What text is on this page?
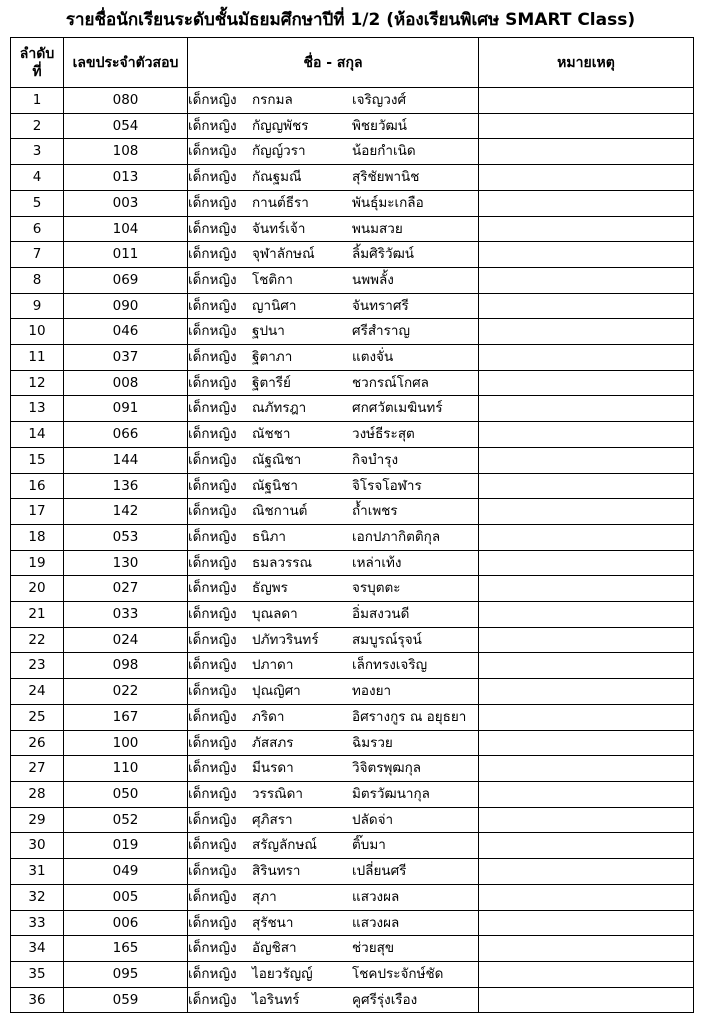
รายชื่อนักเรียนระดับชั้นมัธยมศึกษาปีที่ 1/2 (ห้องเรียนพิเศษ SMART Class)
ลำดับ
ที่	เลขประจำตัวสอบ	ชื่อ - สกุล	หมายเหตุ
1	080	เด็กหญิง กรกมล เจริญวงศ์	
2	054	เด็กหญิง กัญญพัชร พิชยวัฒน์	
3	108	เด็กหญิง กัญญ์วรา น้อยกำเนิด	
4	013	เด็กหญิง กัณฐมณี สุริชัยพานิช	
5	003	เด็กหญิง กานต์ธีรา พันธุ์มะเกลือ	
6	104	เด็กหญิง จันทร์เจ้า พนมสวย	
7	011	เด็กหญิง จุฬาลักษณ์ ลิ้มศิริวัฒน์	
8	069	เด็กหญิง โชติกา นพพลั้ง	
9	090	เด็กหญิง ญานิศา จันทราศรี	
10	046	เด็กหญิง ฐปนา ศรีสำราญ	
11	037	เด็กหญิง ฐิตาภา แตงจั่น	
12	008	เด็กหญิง ฐิตารีย์ ชวกรณ์โกศล	
13	091	เด็กหญิง ณภัทรฎา ศกศวัตเมฆินทร์	
14	066	เด็กหญิง ณัชชา วงษ์ธีระสุต	
15	144	เด็กหญิง ณัฐณิชา กิจบำรุง	
16	136	เด็กหญิง ณัฐนิชา จิโรจโอฬาร	
17	142	เด็กหญิง ณิชกานต์ ถ้ำเพชร	
18	053	เด็กหญิง ธนิภา เอกปภากิตติกุล	
19	130	เด็กหญิง ธมลวรรณ เหล่าเท้ง	
20	027	เด็กหญิง ธัญพร จรบุตตะ	
21	033	เด็กหญิง บุณลดา อิ่มสงวนดี	
22	024	เด็กหญิง ปภัทวรินทร์ สมบูรณ์รุจน์	
23	098	เด็กหญิง ปภาดา เล็กทรงเจริญ	
24	022	เด็กหญิง ปุณญิศา ทองยา	
25	167	เด็กหญิง ภริดา อิศรางกูร ณ อยุธยา	
26	100	เด็กหญิง ภัสสภร ฉิมรวย	
27	110	เด็กหญิง มีนรดา วิจิตรพุฒกุล	
28	050	เด็กหญิง วรรณิดา มิตรวัฒนากุล	
29	052	เด็กหญิง ศุภิสรา ปลัดจ่า	
30	019	เด็กหญิง สรัญลักษณ์ ติ๊บมา	
31	049	เด็กหญิง สิรินทรา เปลี่ยนศรี	
32	005	เด็กหญิง สุภา แสวงผล	
33	006	เด็กหญิง สุรัชนา แสวงผล	
34	165	เด็กหญิง อัญชิสา ช่วยสุข	
35	095	เด็กหญิง ไอยวรัญญ์ โชคประจักษ์ชัด	
36	059	เด็กหญิง ไอรินทร์ คูศรีรุ่งเรือง	
